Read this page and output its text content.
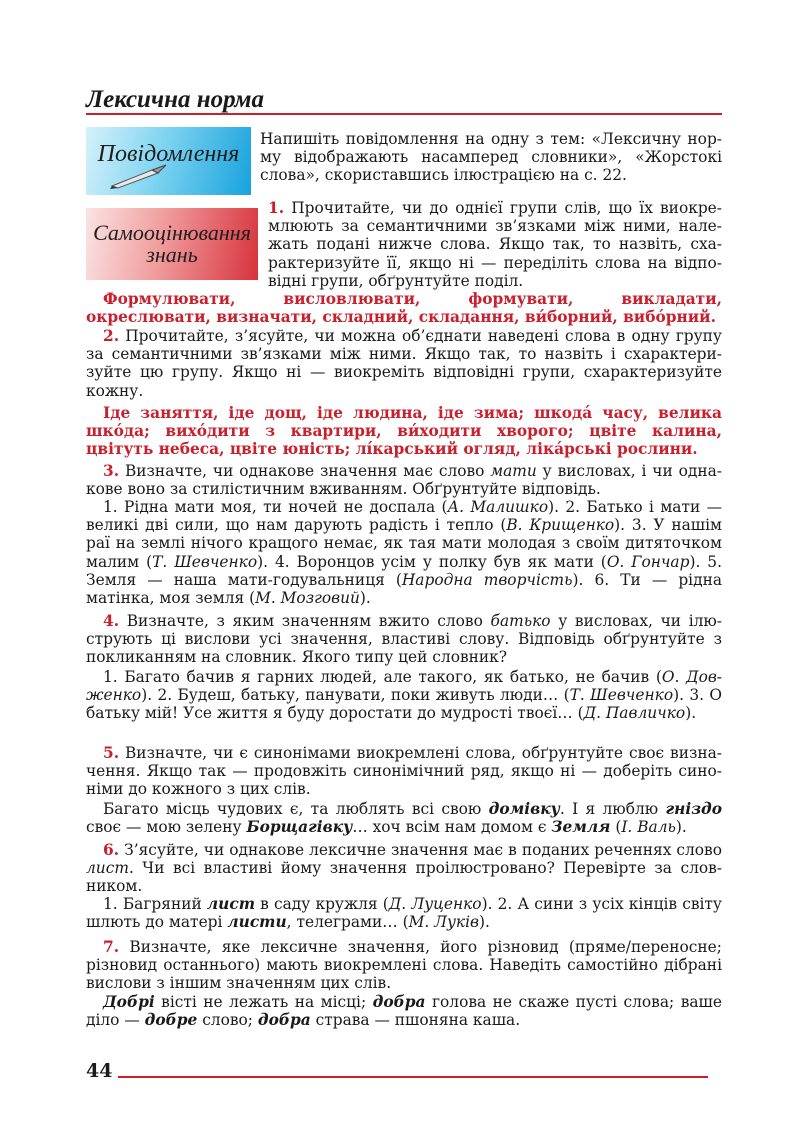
Лексична норма
Повідомлення
Самооцінювання знань

Напишіть повідомлення на одну з тем: «Лексичну норму відображають насамперед словники», «Жорстокі слова», скориставшись ілюстрацією на с. 22.

1. Прочитайте, чи до однієї групи слів, що їх виокремлюють за семантичними зв’язками між ними, належать подані нижче слова. Якщо так, то назвіть, схарактеризуйте її, якщо ні — переділіть слова на відповідні групи, обґрунтуйте поділ.

Формулювати, висловлювати, формувати, викладати, окреслювати, визначати, складний, складання, ви́борний, вибо́рний.

2. Прочитайте, з’ясуйте, чи можна об’єднати наведені слова в одну групу за семантичними зв’язками між ними. Якщо так, то назвіть і схарактеризуйте цю групу. Якщо ні — виокреміть відповідні групи, схарактеризуйте кожну.

Іде заняття, іде дощ, іде людина, іде зима; шкода́ часу, велика шко́да; вихо́дити з квартири, ви́ходити хворого; цвіте калина, цвітуть небеса, цвіте юність; лі́карський огляд, ліка́рські рослини.

3. Визначте, чи однакове значення має слово мати у висловах, і чи однакове воно за стилістичним вживанням. Обґрунтуйте відповідь.

1. Рідна мати моя, ти ночей не доспала (А. Малишко). 2. Батько і мати — великі дві сили, що нам дарують радість і тепло (В. Крищенко). 3. У нашім раї на землі нічого кращого немає, як тая мати молодая з своїм дитяточком малим (Т. Шевченко). 4. Воронцов усім у полку був як мати (О. Гончар). 5. Земля — наша мати-годувальниця (Народна творчість). 6. Ти — рідна матінка, моя земля (М. Мозговий).

4. Визначте, з яким значенням вжито слово батько у висловах, чи ілюструють ці вислови усі значення, властиві слову. Відповідь обґрунтуйте з покликанням на словник. Якого типу цей словник?

1. Багато бачив я гарних людей, але такого, як батько, не бачив (О. Довженко). 2. Будеш, батьку, панувати, поки живуть люди… (Т. Шевченко). 3. О батьку мій! Усе життя я буду доростати до мудрості твоєї… (Д. Павличко).

5. Визначте, чи є синонімами виокремлені слова, обґрунтуйте своє визначення. Якщо так — продовжіть синонімічний ряд, якщо ні — доберіть синоніми до кожного з цих слів.

Багато місць чудових є, та люблять всі свою домівку. І я люблю гніздо своє — мою зелену Борщагівку… хоч всім нам домом є Земля (І. Валь).

6. З’ясуйте, чи однакове лексичне значення має в поданих реченнях слово лист. Чи всі властиві йому значення проілюстровано? Перевірте за словником.

1. Багряний лист в саду кружля (Д. Луценко). 2. А сини з усіх кінців світу шлють до матері листи, телеграми… (М. Луків).

7. Визначте, яке лексичне значення, його різновид (пряме/переносне; різновид останнього) мають виокремлені слова. Наведіть самостійно дібрані вислови з іншим значенням цих слів.

Добрі вісті не лежать на місці; добра голова не скаже пусті слова; ваше діло — добре слово; добра страва — пшоняна каша.

44
